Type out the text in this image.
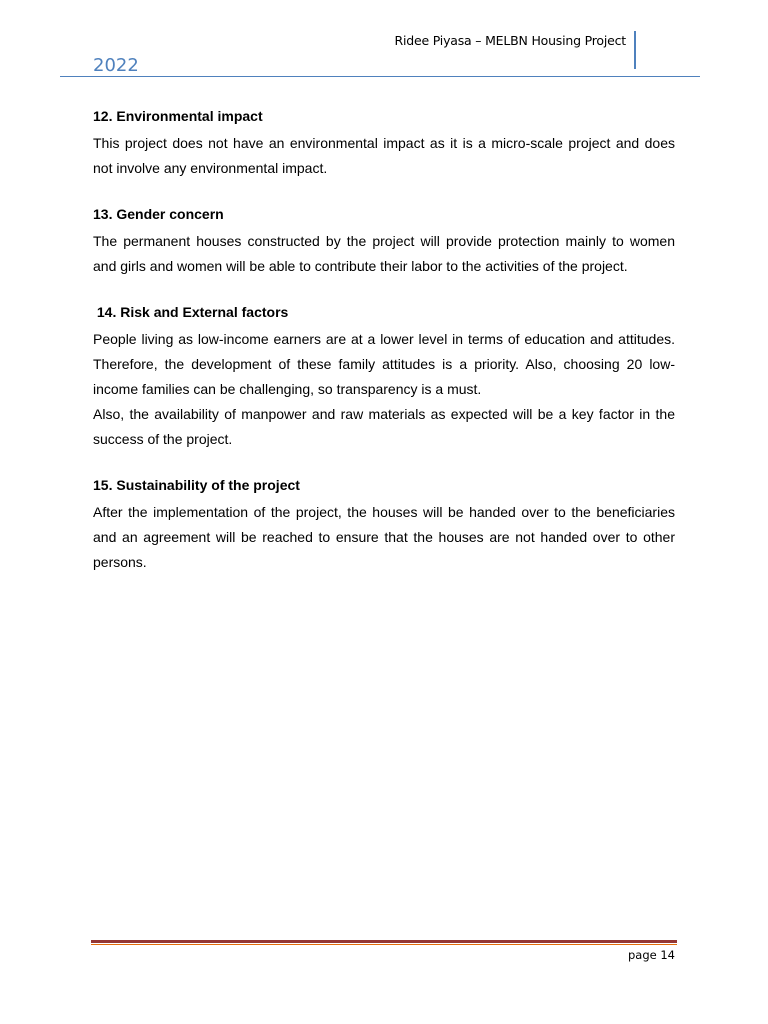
Ridee Piyasa – MELBN Housing Project
2022
12. Environmental impact

This project does not have an environmental impact as it is a micro-scale project and does not involve any environmental impact.

13. Gender concern

The permanent houses constructed by the project will provide protection mainly to women and girls and women will be able to contribute their labor to the activities of the project.

14. Risk and External factors

People living as low-income earners are at a lower level in terms of education and attitudes. Therefore, the development of these family attitudes is a priority. Also, choosing 20 low-income families can be challenging, so transparency is a must.

Also, the availability of manpower and raw materials as expected will be a key factor in the success of the project.

15. Sustainability of the project

After the implementation of the project, the houses will be handed over to the beneficiaries and an agreement will be reached to ensure that the houses are not handed over to other persons.

page 14
